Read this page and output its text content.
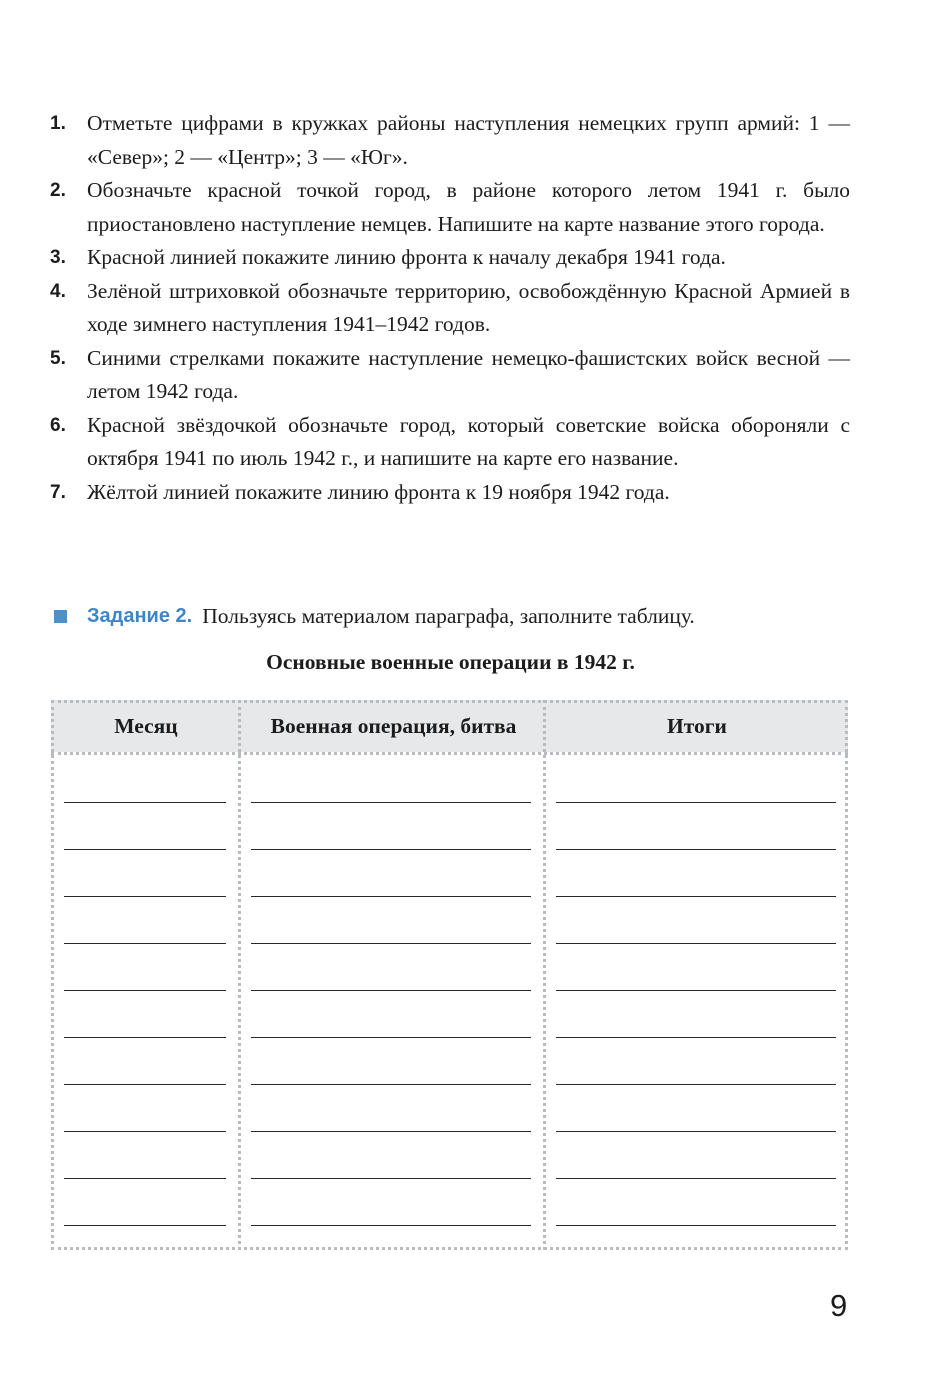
1. Отметьте цифрами в кружках районы наступления немецких групп армий: 1 — «Север»; 2 — «Центр»; 3 — «Юг».
2. Обозначьте красной точкой город, в районе которого летом 1941 г. было приостановлено наступление немцев. Напишите на карте название этого города.
3. Красной линией покажите линию фронта к началу декабря 1941 года.
4. Зелёной штриховкой обозначьте территорию, освобождённую Красной Армией в ходе зимнего наступления 1941–1942 годов.
5. Синими стрелками покажите наступление немецко-фашистских войск весной — летом 1942 года.
6. Красной звёздочкой обозначьте город, который советские войска обороняли с октября 1941 по июль 1942 г., и напишите на карте его название.
7. Жёлтой линией покажите линию фронта к 19 ноября 1942 года.
Задание 2. Пользуясь материалом параграфа, заполните таблицу.
Основные военные операции в 1942 г.
Месяц	Военная операция, битва	Итоги
9
